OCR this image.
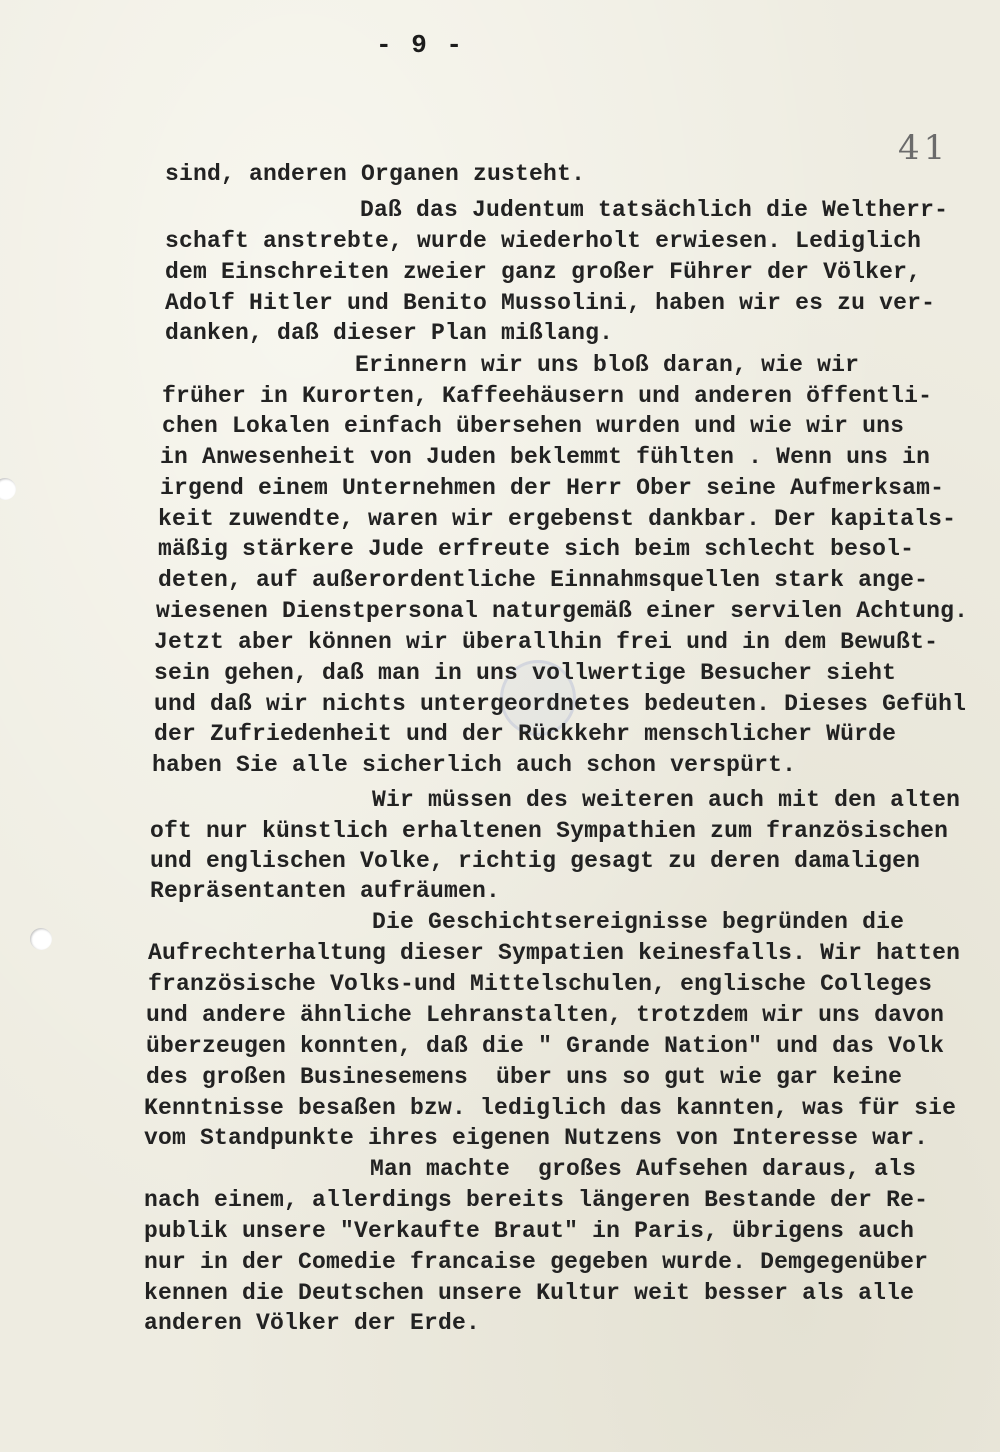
- 9 -
41
sind, anderen Organen zusteht.
Daß das Judentum tatsächlich die Weltherr-
schaft anstrebte, wurde wiederholt erwiesen. Lediglich
dem Einschreiten zweier ganz großer Führer der Völker,
Adolf Hitler und Benito Mussolini, haben wir es zu ver-
danken, daß dieser Plan mißlang.
Erinnern wir uns bloß daran, wie wir
früher in Kurorten, Kaffeehäusern und anderen öffentli-
chen Lokalen einfach übersehen wurden und wie wir uns
in Anwesenheit von Juden beklemmt fühlten . Wenn uns in
irgend einem Unternehmen der Herr Ober seine Aufmerksam-
keit zuwendte, waren wir ergebenst dankbar. Der kapitals-
mäßig stärkere Jude erfreute sich beim schlecht besol-
deten, auf außerordentliche Einnahmsquellen stark ange-
wiesenen Dienstpersonal naturgemäß einer servilen Achtung.
Jetzt aber können wir überallhin frei und in dem Bewußt-
sein gehen, daß man in uns vollwertige Besucher sieht
und daß wir nichts untergeordnetes bedeuten. Dieses Gefühl
der Zufriedenheit und der Rückkehr menschlicher Würde
haben Sie alle sicherlich auch schon verspürt.
Wir müssen des weiteren auch mit den alten
oft nur künstlich erhaltenen Sympathien zum französischen
und englischen Volke, richtig gesagt zu deren damaligen
Repräsentanten aufräumen.
Die Geschichtsereignisse begründen die
Aufrechterhaltung dieser Sympatien keinesfalls. Wir hatten
französische Volks-und Mittelschulen, englische Colleges
und andere ähnliche Lehranstalten, trotzdem wir uns davon
überzeugen konnten, daß die " Grande Nation" und das Volk
des großen Businesemens  über uns so gut wie gar keine
Kenntnisse besaßen bzw. lediglich das kannten, was für sie
vom Standpunkte ihres eigenen Nutzens von Interesse war.
Man machte  großes Aufsehen daraus, als
nach einem, allerdings bereits längeren Bestande der Re-
publik unsere "Verkaufte Braut" in Paris, übrigens auch
nur in der Comedie francaise gegeben wurde. Demgegenüber
kennen die Deutschen unsere Kultur weit besser als alle
anderen Völker der Erde.
